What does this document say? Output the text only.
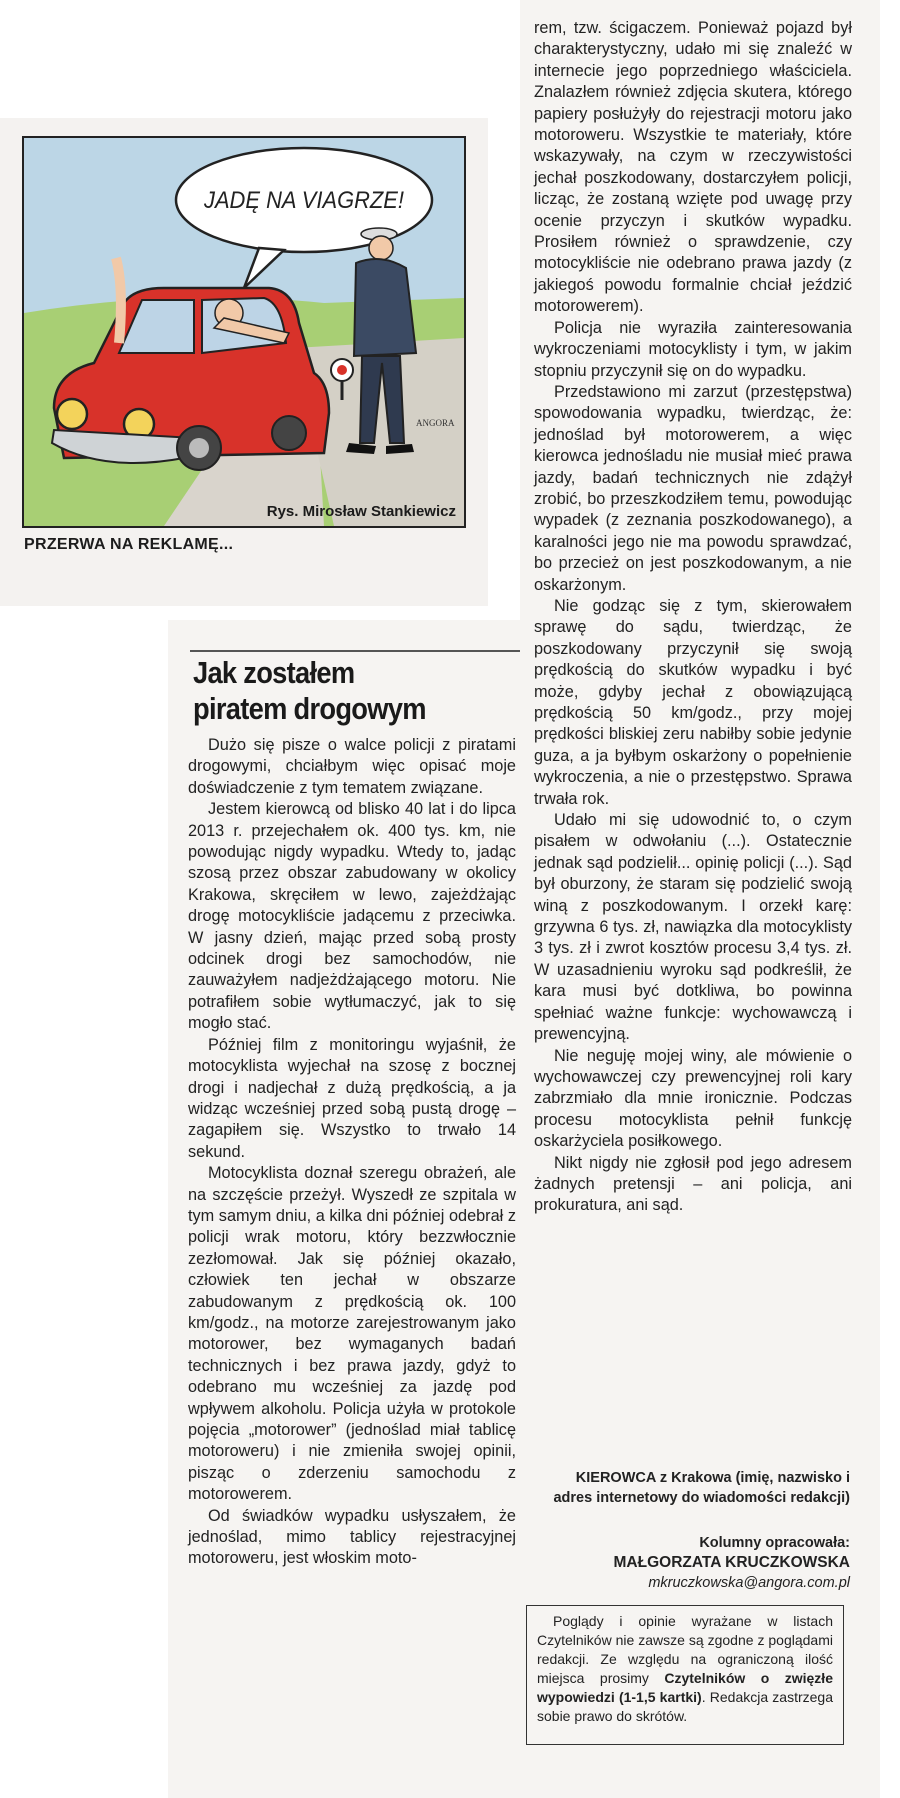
JADĘ NA VIAGRZE!
ANGORA
Rys. Mirosław Stankiewicz
PRZERWA NA REKLAMĘ...
Jak zostałem
piratem drogowym

Dużo się pisze o walce policji z piratami drogowymi, chciałbym więc opisać moje doświadczenie z tym tematem związane.

Jestem kierowcą od blisko 40 lat i do lipca 2013 r. przejechałem ok. 400 tys. km, nie powodując nigdy wypadku. Wtedy to, jadąc szosą przez obszar zabudowany w okolicy Krakowa, skręciłem w lewo, zajeżdżając drogę motocykliście jadącemu z przeciwka. W jasny dzień, mając przed sobą prosty odcinek drogi bez samochodów, nie zauważyłem nadjeżdżającego motoru. Nie potrafiłem sobie wytłumaczyć, jak to się mogło stać.

Później film z monitoringu wyjaśnił, że motocyklista wyjechał na szosę z bocznej drogi i nadjechał z dużą prędkością, a ja widząc wcześniej przed sobą pustą drogę – zagapiłem się. Wszystko to trwało 14 sekund.

Motocyklista doznał szeregu obrażeń, ale na szczęście przeżył. Wyszedł ze szpitala w tym samym dniu, a kilka dni później odebrał z policji wrak motoru, który bezzwłocznie zezłomował. Jak się później okazało, człowiek ten jechał w obszarze zabudowanym z prędkością ok. 100 km/godz., na motorze zarejestrowanym jako motorower, bez wymaganych badań technicznych i bez prawa jazdy, gdyż to odebrano mu wcześniej za jazdę pod wpływem alkoholu. Policja użyła w protokole pojęcia „motorower” (jednoślad miał tablicę motoroweru) i nie zmieniła swojej opinii, pisząc o zderzeniu samochodu z motorowerem.

Od świadków wypadku usłyszałem, że jednoślad, mimo tablicy rejestracyjnej motoroweru, jest włoskim moto-

rem, tzw. ścigaczem. Ponieważ pojazd był charakterystyczny, udało mi się znaleźć w internecie jego poprzedniego właściciela. Znalazłem również zdjęcia skutera, którego papiery posłużyły do rejestracji motoru jako motoroweru. Wszystkie te materiały, które wskazywały, na czym w rzeczywistości jechał poszkodowany, dostarczyłem policji, licząc, że zostaną wzięte pod uwagę przy ocenie przyczyn i skutków wypadku. Prosiłem również o sprawdzenie, czy motocykliście nie odebrano prawa jazdy (z jakiegoś powodu formalnie chciał jeździć motorowerem).

Policja nie wyraziła zainteresowania wykroczeniami motocyklisty i tym, w jakim stopniu przyczynił się on do wypadku.

Przedstawiono mi zarzut (przestępstwa) spowodowania wypadku, twierdząc, że: jednoślad był motorowerem, a więc kierowca jednośladu nie musiał mieć prawa jazdy, badań technicznych nie zdążył zrobić, bo przeszkodziłem temu, powodując wypadek (z zeznania poszkodowanego), a karalności jego nie ma powodu sprawdzać, bo przecież on jest poszkodowanym, a nie oskarżonym.

Nie godząc się z tym, skierowałem sprawę do sądu, twierdząc, że poszkodowany przyczynił się swoją prędkością do skutków wypadku i być może, gdyby jechał z obowiązującą prędkością 50 km/godz., przy mojej prędkości bliskiej zeru nabiłby sobie jedynie guza, a ja byłbym oskarżony o popełnienie wykroczenia, a nie o przestępstwo. Sprawa trwała rok.

Udało mi się udowodnić to, o czym pisałem w odwołaniu (...). Ostatecznie jednak sąd podzielił... opinię policji (...). Sąd był oburzony, że staram się podzielić swoją winą z poszkodowanym. I orzekł karę: grzywna 6 tys. zł, nawiązka dla motocyklisty 3 tys. zł i zwrot kosztów procesu 3,4 tys. zł. W uzasadnieniu wyroku sąd podkreślił, że kara musi być dotkliwa, bo powinna spełniać ważne funkcje: wychowawczą i prewencyjną.

Nie neguję mojej winy, ale mówienie o wychowawczej czy prewencyjnej roli kary zabrzmiało dla mnie ironicznie. Podczas procesu motocyklista pełnił funkcję oskarżyciela posiłkowego.

Nikt nigdy nie zgłosił pod jego adresem żadnych pretensji – ani policja, ani prokuratura, ani sąd.

KIEROWCA z Krakowa (imię, nazwisko i adres internetowy do wiadomości redakcji)
Kolumny opracowała:
MAŁGORZATA KRUCZKOWSKA
mkruczkowska@angora.com.pl

Poglądy i opinie wyrażane w listach Czytelników nie zawsze są zgodne z poglądami redakcji. Ze względu na ograniczoną ilość miejsca prosimy Czytelników o zwięzłe wypowiedzi (1-1,5 kartki). Redakcja zastrzega sobie prawo do skrótów.
